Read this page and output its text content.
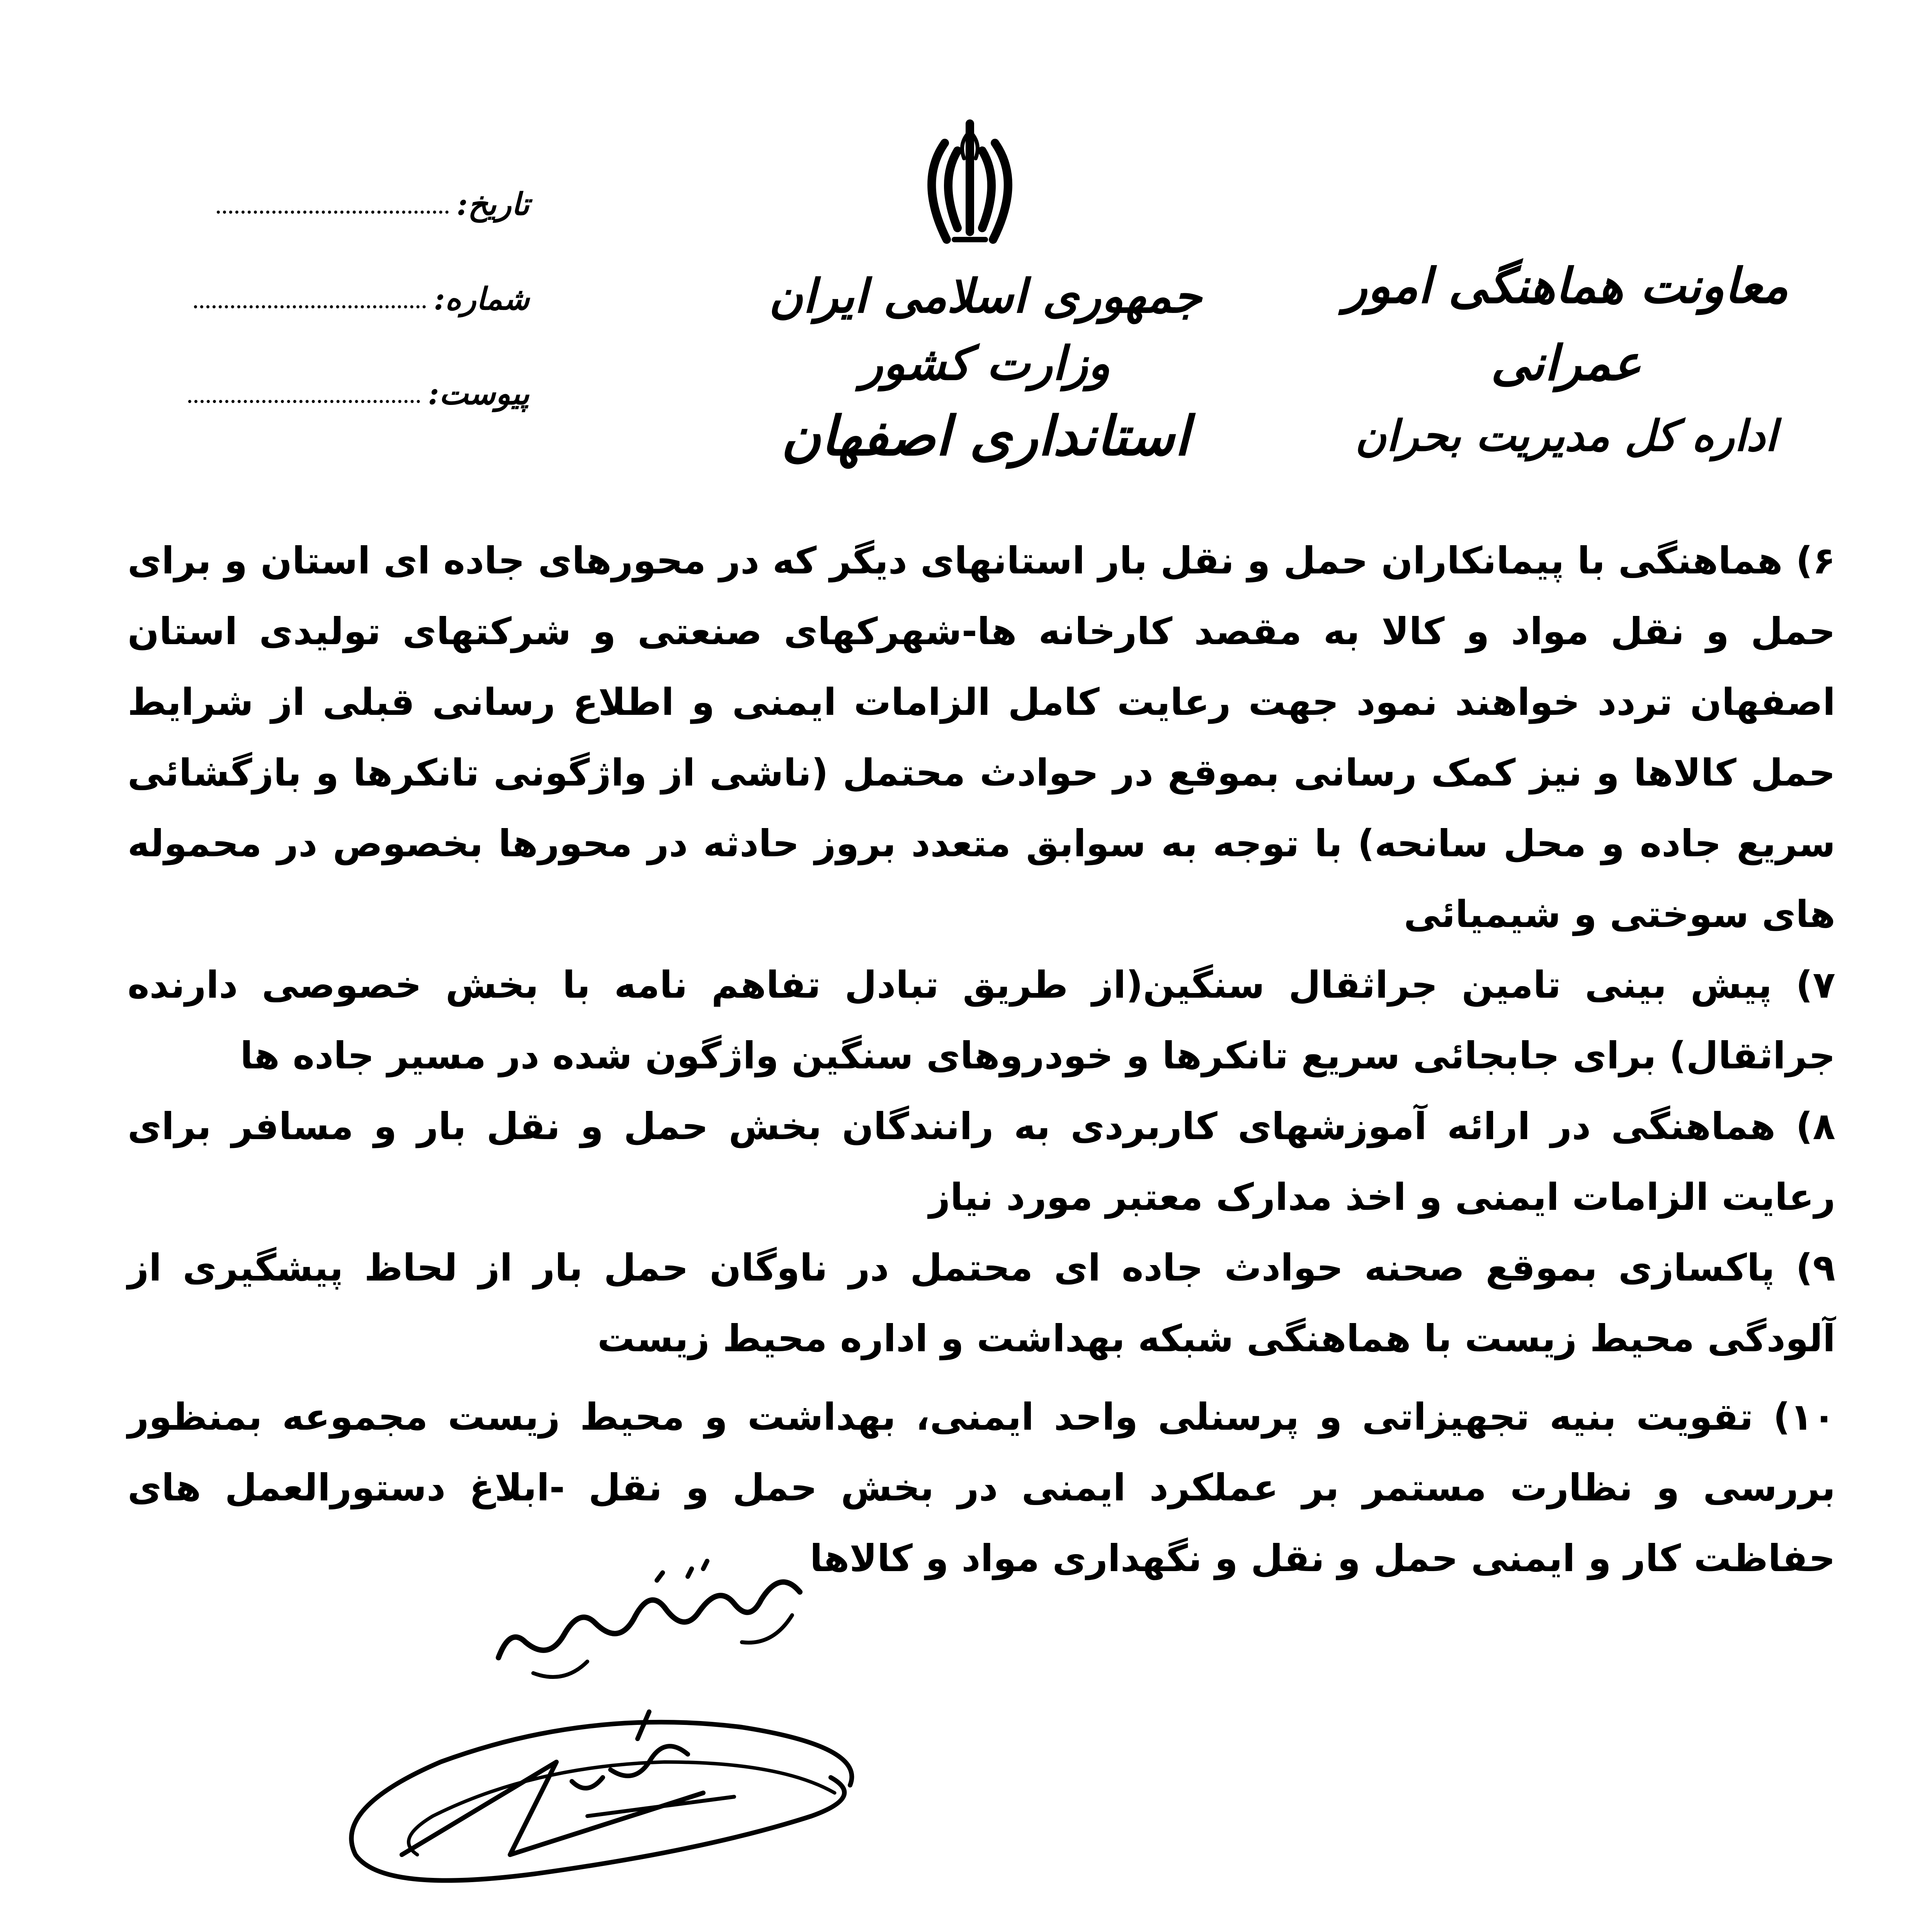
جمهوری اسلامی ایران
وزارت کشور
استانداری اصفهان
معاونت هماهنگی امور عمرانی
اداره کل مدیریت بحران
تاریخ:
شماره:
پیوست:

۶) هماهنگی با پیمانکاران حمل و نقل بار استانهای دیگر که در محورهای جاده ای استان و برای حمل و نقل مواد و کالا به مقصد کارخانه ها-شهرکهای صنعتی و شرکتهای تولیدی استان اصفهان تردد خواهند نمود جهت رعایت کامل الزامات ایمنی و اطلاع رسانی قبلی از شرایط حمل کالاها و نیز کمک رسانی بموقع در حوادث محتمل (ناشی از واژگونی تانکرها و بازگشائی سریع جاده و محل سانحه) با توجه به سوابق متعدد بروز حادثه در محورها بخصوص در محموله های سوختی و شیمیائی

۷) پیش بینی تامین جراثقال سنگین(از طریق تبادل تفاهم نامه با بخش خصوصی دارنده جراثقال) برای جابجائی سریع تانکرها و خودروهای سنگین واژگون شده در مسیر جاده ها

۸) هماهنگی در ارائه آموزشهای کاربردی به رانندگان بخش حمل و نقل بار و مسافر برای رعایت الزامات ایمنی و اخذ مدارک معتبر مورد نیاز

۹) پاکسازی بموقع صحنه حوادث جاده ای محتمل در ناوگان حمل بار از لحاظ پیشگیری از آلودگی محیط زیست با هماهنگی شبکه بهداشت و اداره محیط زیست

۱۰) تقویت بنیه تجهیزاتی و پرسنلی واحد ایمنی، بهداشت و محیط زیست مجموعه بمنظور بررسی و نظارت مستمر بر عملکرد ایمنی در بخش حمل و نقل -ابلاغ دستورالعمل های حفاظت کار و ایمنی حمل و نقل و نگهداری مواد و کالاها
